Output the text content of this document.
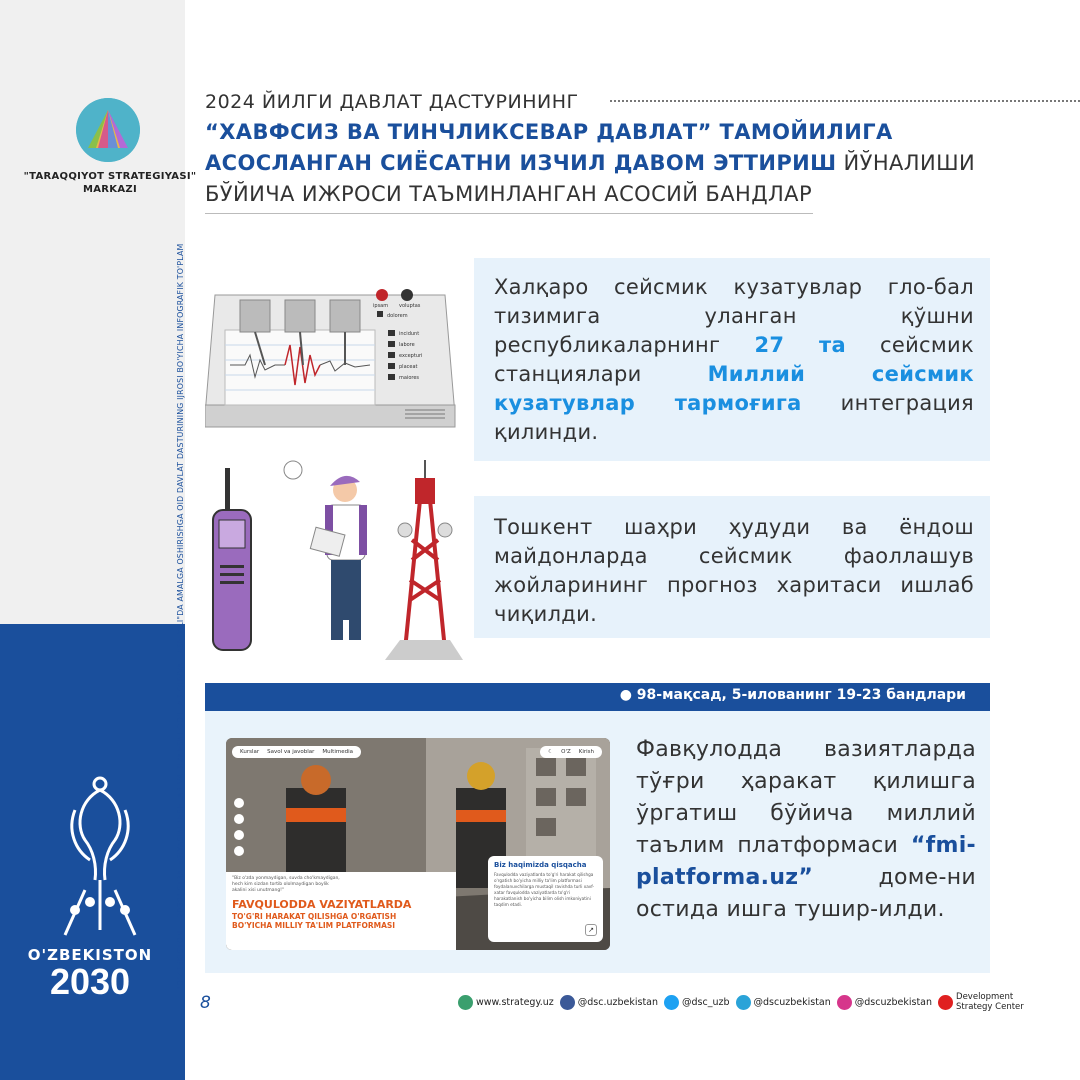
"TARAQQIYOT STRATEGIYASI"
MARKAZI
"O'ZBEKISTON — 2030" STRATEGIYASINI "ESHLAR VA BIZNESNI QO'LLAB-QUVVATLASH YILI"DA AMALGA OSHIRISHGA OID DAVLAT DASTURINING IJROSI BO'YICHA INFOGRAFIK TO'PLAM
O'ZBEKISTON
2030
2024 ЙИЛГИ ДАВЛАТ ДАСТУРИНИНГ
“ХАВФСИЗ ВА ТИНЧЛИКСЕВАР ДАВЛАТ” ТАМОЙИЛИГА
АСОСЛАНГАН СИЁСАТНИ ИЗЧИЛ ДАВОМ ЭТТИРИШ ЙЎНАЛИШИ
БЎЙИЧА ИЖРОСИ ТАЪМИНЛАНГАН АСОСИЙ БАНДЛАР
Халқаро сейсмик кузатувлар гло-бал тизимига уланган қўшни республикаларнинг 27 та сейсмик станциялари Миллий сейсмик кузатувлар тармоғига интеграция қилинди.
ipsam voluptas
dolorem
incidunt
labore
excepturi
placeat
maiores
Тошкент шаҳри ҳудуди ва ёндош майдонларда сейсмик фаоллашув жойларининг прогноз харитаси ишлаб чиқилди.
● 98-мақсад, 5-илованинг 19-23 бандлари
Фавқулодда вазиятларда тўғри ҳаракат қилишга ўргатиш бўйича миллий таълим платформаси “fmi-platforma.uz” доме-ни остида ишга тушир-илди.
Kurslar Savol va javoblar Multimedia	☾ O'Z Kirish
"Biz o'zda yonmaydigan, suvda cho'kmaydigan, hech kim sizdan tortib ololmaydigan boylik akalini xisi unutmang!"
FAVQULODDA VAZIYATLARDA
TO'G'RI HARAKAT QILISHGA O'RGATISH
BO'YICHA MILLIY TA'LIM PLATFORMASI
Biz haqimizda qisqacha
Favqulodda vaziyatlarda to'g'ri harakat qilishga o'rgatish bo'yicha milliy ta'lim platformasi foydalanuvchilarga mustaqil ravishda turli xavf-xatar favqulodda vaziyatlarda to'g'ri harakatlanish bo'yicha bilim olish imkoniyatini taqdim etadi.
↗
8	www.strategy.uz	@dsc.uzbekistan	@dsc_uzb	@dscuzbekistan	@dscuzbekistan	Development
Strategy Center
